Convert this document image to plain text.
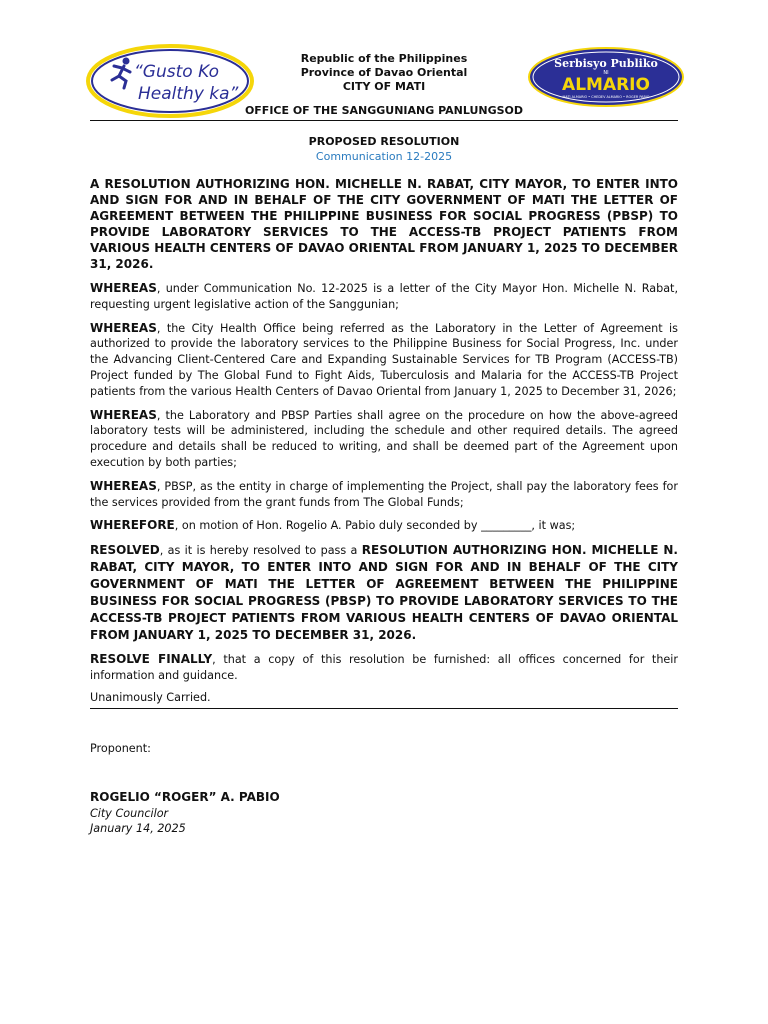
“Gusto Ko
Healthy ka”
Serbisyo Publiko
NI
ALMARIO
MATI ALMARIO • CHEDEV ALMARIO • ROGER PABIO
Republic of the Philippines
Province of Davao Oriental
CITY OF MATI
OFFICE OF THE SANGGUNIANG PANLUNGSOD
PROPOSED RESOLUTION
Communication 12-2025

A RESOLUTION AUTHORIZING HON. MICHELLE N. RABAT, CITY MAYOR, TO ENTER INTO AND SIGN FOR AND IN BEHALF OF THE CITY GOVERNMENT OF MATI THE LETTER OF AGREEMENT BETWEEN THE PHILIPPINE BUSINESS FOR SOCIAL PROGRESS (PBSP) TO PROVIDE LABORATORY SERVICES TO THE ACCESS-TB PROJECT PATIENTS FROM VARIOUS HEALTH CENTERS OF DAVAO ORIENTAL FROM JANUARY 1, 2025 TO DECEMBER 31, 2026.

WHEREAS, under Communication No. 12-2025 is a letter of the City Mayor Hon. Michelle N. Rabat, requesting urgent legislative action of the Sanggunian;

WHEREAS, the City Health Office being referred as the Laboratory in the Letter of Agreement is authorized to provide the laboratory services to the Philippine Business for Social Progress, Inc. under the Advancing Client-Centered Care and Expanding Sustainable Services for TB Program (ACCESS-TB) Project funded by The Global Fund to Fight Aids, Tuberculosis and Malaria for the ACCESS-TB Project patients from the various Health Centers of Davao Oriental from January 1, 2025 to December 31, 2026;

WHEREAS, the Laboratory and PBSP Parties shall agree on the procedure on how the above-agreed laboratory tests will be administered, including the schedule and other required details. The agreed procedure and details shall be reduced to writing, and shall be deemed part of the Agreement upon execution by both parties;

WHEREAS, PBSP, as the entity in charge of implementing the Project, shall pay the laboratory fees for the services provided from the grant funds from The Global Funds;

WHEREFORE, on motion of Hon. Rogelio A. Pabio duly seconded by _________, it was;

RESOLVED, as it is hereby resolved to pass a RESOLUTION AUTHORIZING HON. MICHELLE N. RABAT, CITY MAYOR, TO ENTER INTO AND SIGN FOR AND IN BEHALF OF THE CITY GOVERNMENT OF MATI THE LETTER OF AGREEMENT BETWEEN THE PHILIPPINE BUSINESS FOR SOCIAL PROGRESS (PBSP) TO PROVIDE LABORATORY SERVICES TO THE ACCESS-TB PROJECT PATIENTS FROM VARIOUS HEALTH CENTERS OF DAVAO ORIENTAL FROM JANUARY 1, 2025 TO DECEMBER 31, 2026.

RESOLVE FINALLY, that a copy of this resolution be furnished: all offices concerned for their information and guidance.

Unanimously Carried.
Proponent:
ROGELIO “ROGER” A. PABIO
City Councilor
January 14, 2025
